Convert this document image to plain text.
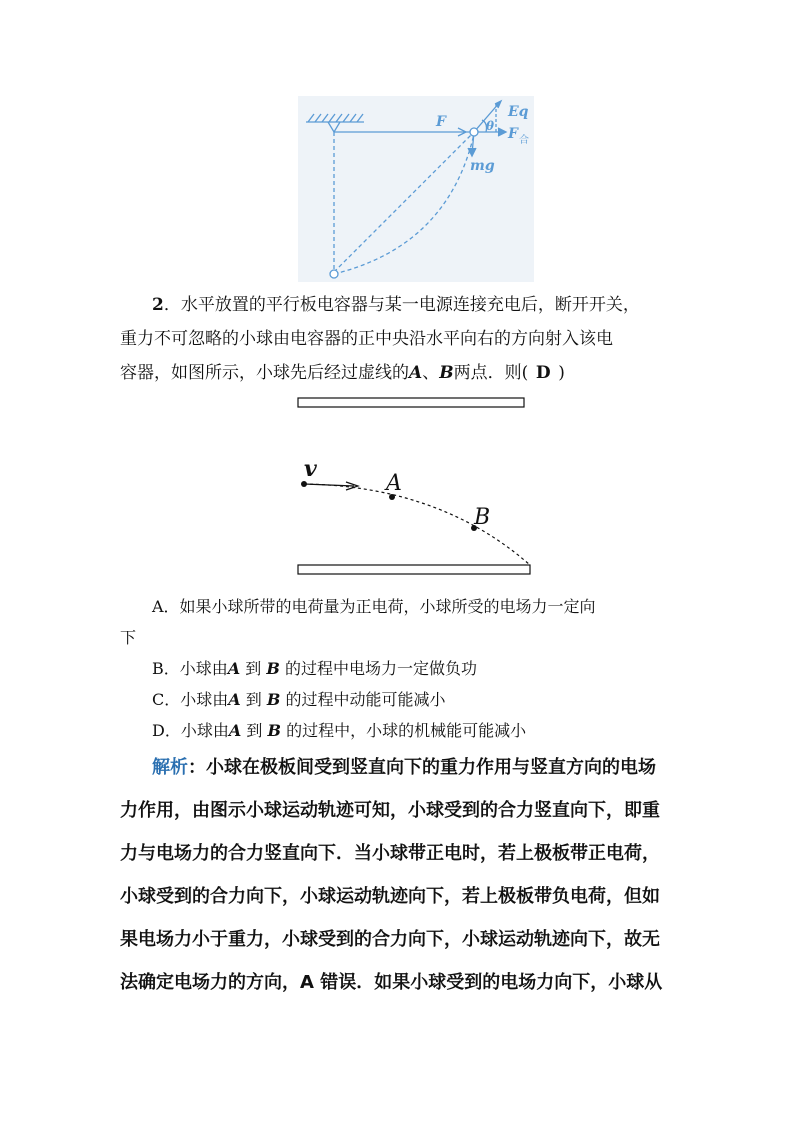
F
Eq
θ F 合
mg
2．水平放置的平行板电容器与某一电源连接充电后，断开开关，
重力不可忽略的小球由电容器的正中央沿水平向右的方向射入该电
容器，如图所示，小球先后经过虚线的A、B两点．则( D )
v
A
B
A．如果小球所带的电荷量为正电荷，小球所受的电场力一定向
下
B．小球由A 到 B 的过程中电场力一定做负功
C．小球由A 到 B 的过程中动能可能减小
D．小球由A 到 B 的过程中，小球的机械能可能减小
解析：小球在极板间受到竖直向下的重力作用与竖直方向的电场
力作用，由图示小球运动轨迹可知，小球受到的合力竖直向下，即重
力与电场力的合力竖直向下．当小球带正电时，若上极板带正电荷，
小球受到的合力向下，小球运动轨迹向下，若上极板带负电荷，但如
果电场力小于重力，小球受到的合力向下，小球运动轨迹向下，故无
法确定电场力的方向，A 错误．如果小球受到的电场力向下，小球从
